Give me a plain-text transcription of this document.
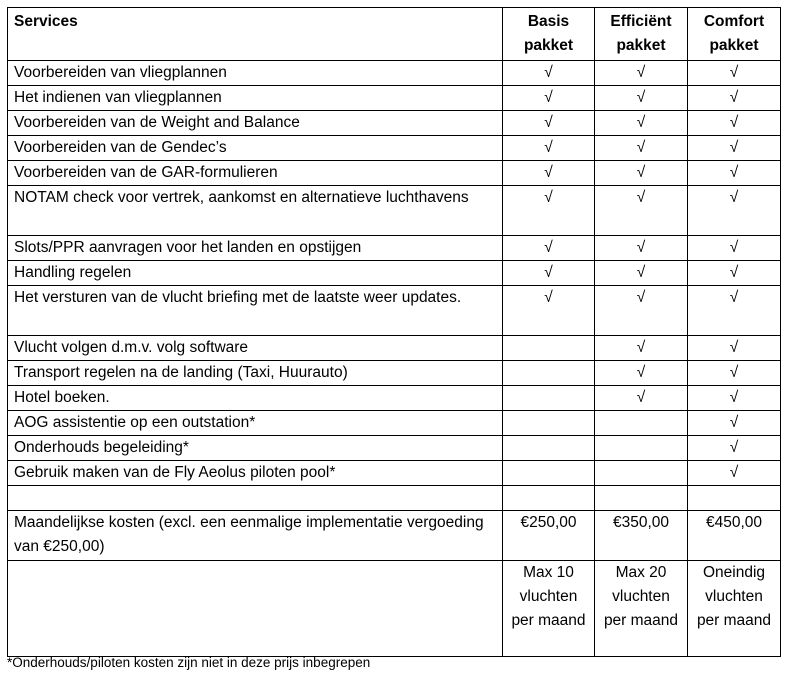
Services	Basis pakket	Efficiënt pakket	Comfort pakket
Voorbereiden van vliegplannen	√	√	√
Het indienen van vliegplannen	√	√	√
Voorbereiden van de Weight and Balance	√	√	√
Voorbereiden van de Gendec’s	√	√	√
Voorbereiden van de GAR-formulieren	√	√	√
NOTAM check voor vertrek, aankomst en alternatieve luchthavens	√	√	√
Slots/PPR aanvragen voor het landen en opstijgen	√	√	√
Handling regelen	√	√	√
Het versturen van de vlucht briefing met de laatste weer updates.	√	√	√
Vlucht volgen d.m.v. volg software		√	√
Transport regelen na de landing (Taxi, Huurauto)		√	√
Hotel boeken.		√	√
AOG assistentie op een outstation*			√
Onderhouds begeleiding*			√
Gebruik maken van de Fly Aeolus piloten pool*			√

Maandelijkse kosten (excl. een eenmalige implementatie vergoeding van €250,00)	€250,00	€350,00	€450,00
	Max 10 vluchten per maand	Max 20 vluchten per maand	Oneindig vluchten per maand
*Onderhouds/piloten kosten zijn niet in deze prijs inbegrepen
